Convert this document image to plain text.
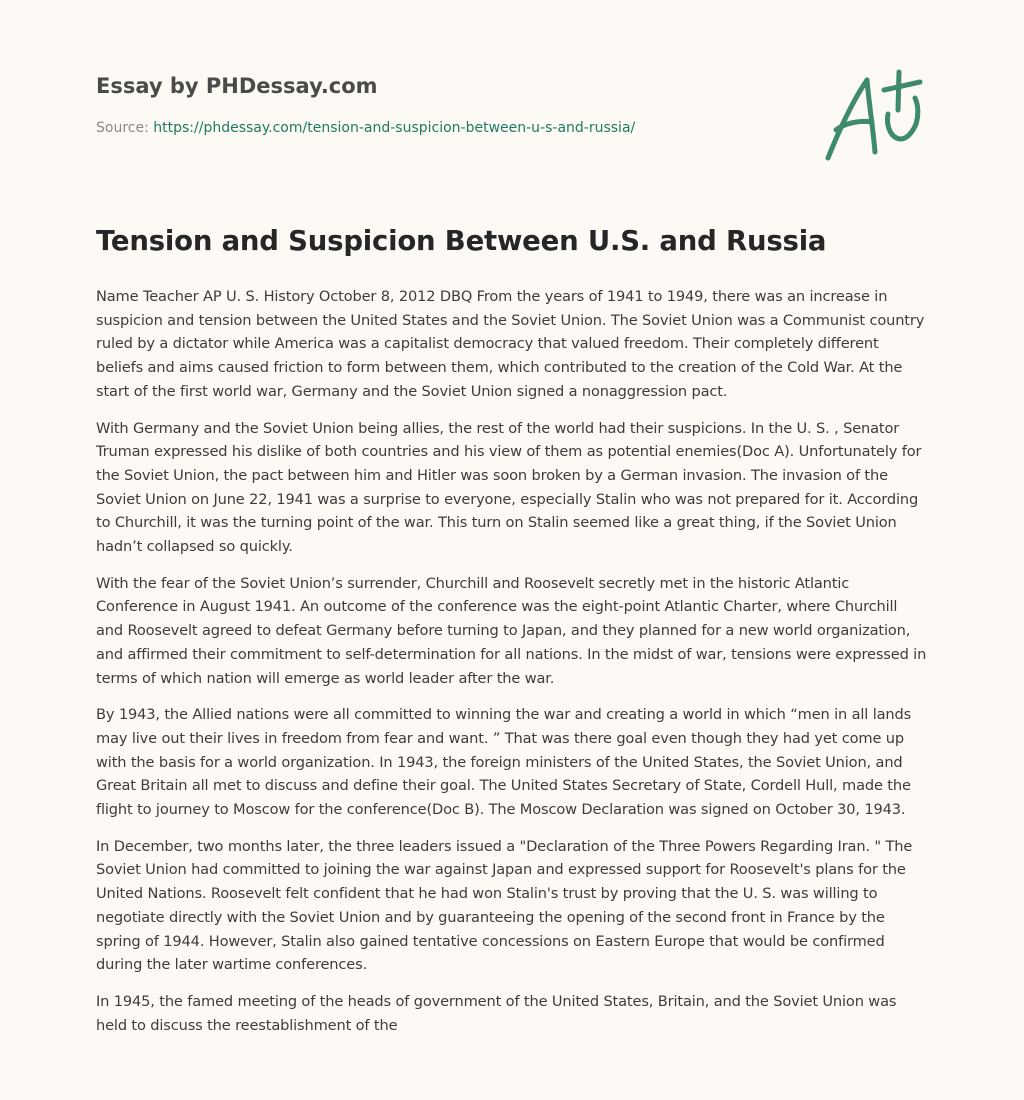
Essay by PHDessay.com
Source: https://phdessay.com/tension-and-suspicion-between-u-s-and-russia/
Tension and Suspicion Between U.S. and Russia

Name Teacher AP U. S. History October 8, 2012 DBQ From the years of 1941 to 1949, there was an increase in suspicion and tension between the United States and the Soviet Union. The Soviet Union was a Communist country ruled by a dictator while America was a capitalist democracy that valued freedom. Their completely different beliefs and aims caused friction to form between them, which contributed to the creation of the Cold War. At the start of the first world war, Germany and the Soviet Union signed a nonaggression pact.

With Germany and the Soviet Union being allies, the rest of the world had their suspicions. In the U. S. , Senator Truman expressed his dislike of both countries and his view of them as potential enemies(Doc A). Unfortunately for the Soviet Union, the pact between him and Hitler was soon broken by a German invasion. The invasion of the Soviet Union on June 22, 1941 was a surprise to everyone, especially Stalin who was not prepared for it. According to Churchill, it was the turning point of the war. This turn on Stalin seemed like a great thing, if the Soviet Union hadn’t collapsed so quickly.

With the fear of the Soviet Union’s surrender, Churchill and Roosevelt secretly met in the historic Atlantic Conference in August 1941. An outcome of the conference was the eight-point Atlantic Charter, where Churchill and Roosevelt agreed to defeat Germany before turning to Japan, and they planned for a new world organization, and affirmed their commitment to self-determination for all nations. In the midst of war, tensions were expressed in terms of which nation will emerge as world leader after the war.

By 1943, the Allied nations were all committed to winning the war and creating a world in which “men in all lands may live out their lives in freedom from fear and want. ” That was there goal even though they had yet come up with the basis for a world organization. In 1943, the foreign ministers of the United States, the Soviet Union, and Great Britain all met to discuss and define their goal. The United States Secretary of State, Cordell Hull, made the flight to journey to Moscow for the conference(Doc B). The Moscow Declaration was signed on October 30, 1943.

In December, two months later, the three leaders issued a "Declaration of the Three Powers Regarding Iran. " The Soviet Union had committed to joining the war against Japan and expressed support for Roosevelt's plans for the United Nations. Roosevelt felt confident that he had won Stalin's trust by proving that the U. S. was willing to negotiate directly with the Soviet Union and by guaranteeing the opening of the second front in France by the spring of 1944. However, Stalin also gained tentative concessions on Eastern Europe that would be confirmed during the later wartime conferences.

In 1945, the famed meeting of the heads of government of the United States, Britain, and the Soviet Union was held to discuss the reestablishment of the
